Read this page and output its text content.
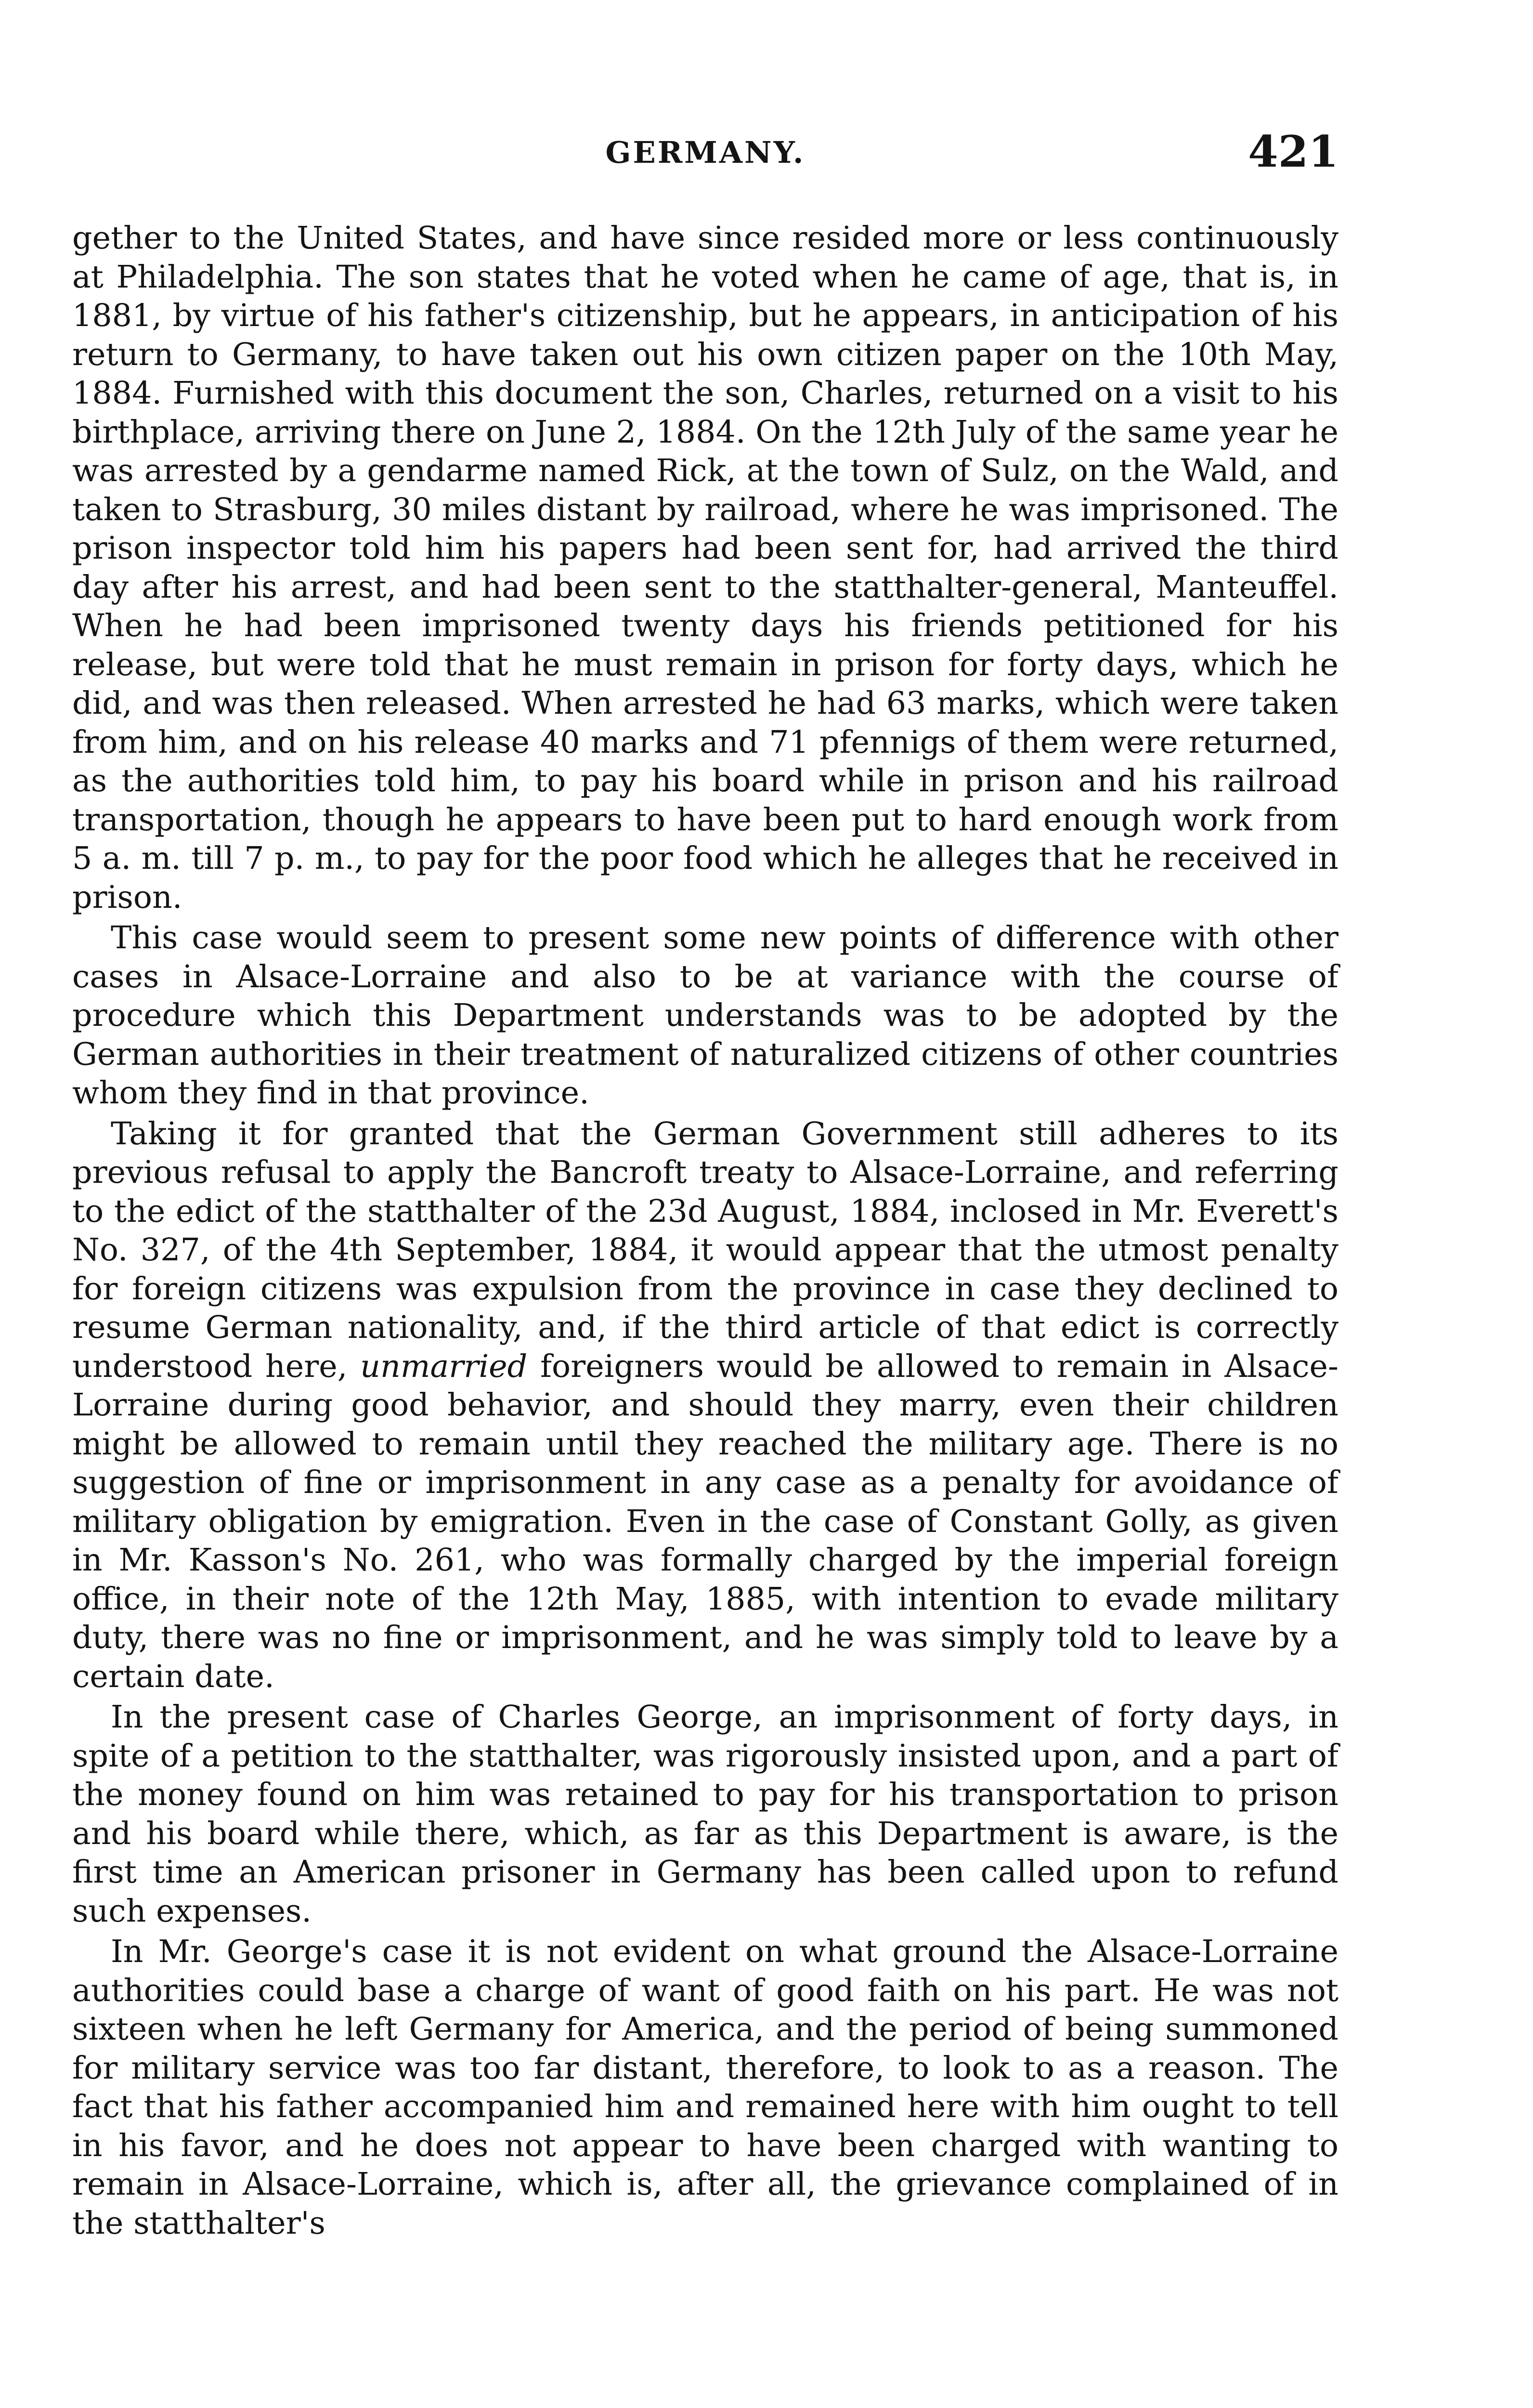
GERMANY.	421

gether to the United States, and have since resided more or less continuously at Philadelphia. The son states that he voted when he came of age, that is, in 1881, by virtue of his father's citizenship, but he appears, in anticipation of his return to Germany, to have taken out his own citizen paper on the 10th May, 1884. Furnished with this document the son, Charles, returned on a visit to his birthplace, arriving there on June 2, 1884. On the 12th July of the same year he was arrested by a gendarme named Rick, at the town of Sulz, on the Wald, and taken to Strasburg, 30 miles distant by railroad, where he was imprisoned. The prison inspector told him his papers had been sent for, had arrived the third day after his arrest, and had been sent to the statthalter-general, Manteuffel. When he had been imprisoned twenty days his friends petitioned for his release, but were told that he must remain in prison for forty days, which he did, and was then released. When arrested he had 63 marks, which were taken from him, and on his release 40 marks and 71 pfennigs of them were returned, as the authorities told him, to pay his board while in prison and his railroad transportation, though he appears to have been put to hard enough work from 5 a. m. till 7 p. m., to pay for the poor food which he alleges that he received in prison.

This case would seem to present some new points of difference with other cases in Alsace-Lorraine and also to be at variance with the course of procedure which this Department understands was to be adopted by the German authorities in their treatment of naturalized citizens of other countries whom they find in that province.

Taking it for granted that the German Government still adheres to its previous refusal to apply the Bancroft treaty to Alsace-Lorraine, and referring to the edict of the statthalter of the 23d August, 1884, inclosed in Mr. Everett's No. 327, of the 4th September, 1884, it would appear that the utmost penalty for foreign citizens was expulsion from the province in case they declined to resume German nationality, and, if the third article of that edict is correctly understood here, unmarried foreigners would be allowed to remain in Alsace-Lorraine during good behavior, and should they marry, even their children might be allowed to remain until they reached the military age. There is no suggestion of fine or imprisonment in any case as a penalty for avoidance of military obligation by emigration. Even in the case of Constant Golly, as given in Mr. Kasson's No. 261, who was formally charged by the imperial foreign office, in their note of the 12th May, 1885, with intention to evade military duty, there was no fine or imprisonment, and he was simply told to leave by a certain date.

In the present case of Charles George, an imprisonment of forty days, in spite of a petition to the statthalter, was rigorously insisted upon, and a part of the money found on him was retained to pay for his transportation to prison and his board while there, which, as far as this Department is aware, is the first time an American prisoner in Germany has been called upon to refund such expenses.

In Mr. George's case it is not evident on what ground the Alsace-Lorraine authorities could base a charge of want of good faith on his part. He was not sixteen when he left Germany for America, and the period of being summoned for military service was too far distant, therefore, to look to as a reason. The fact that his father accompanied him and remained here with him ought to tell in his favor, and he does not appear to have been charged with wanting to remain in Alsace-Lorraine, which is, after all, the grievance complained of in the statthalter's
